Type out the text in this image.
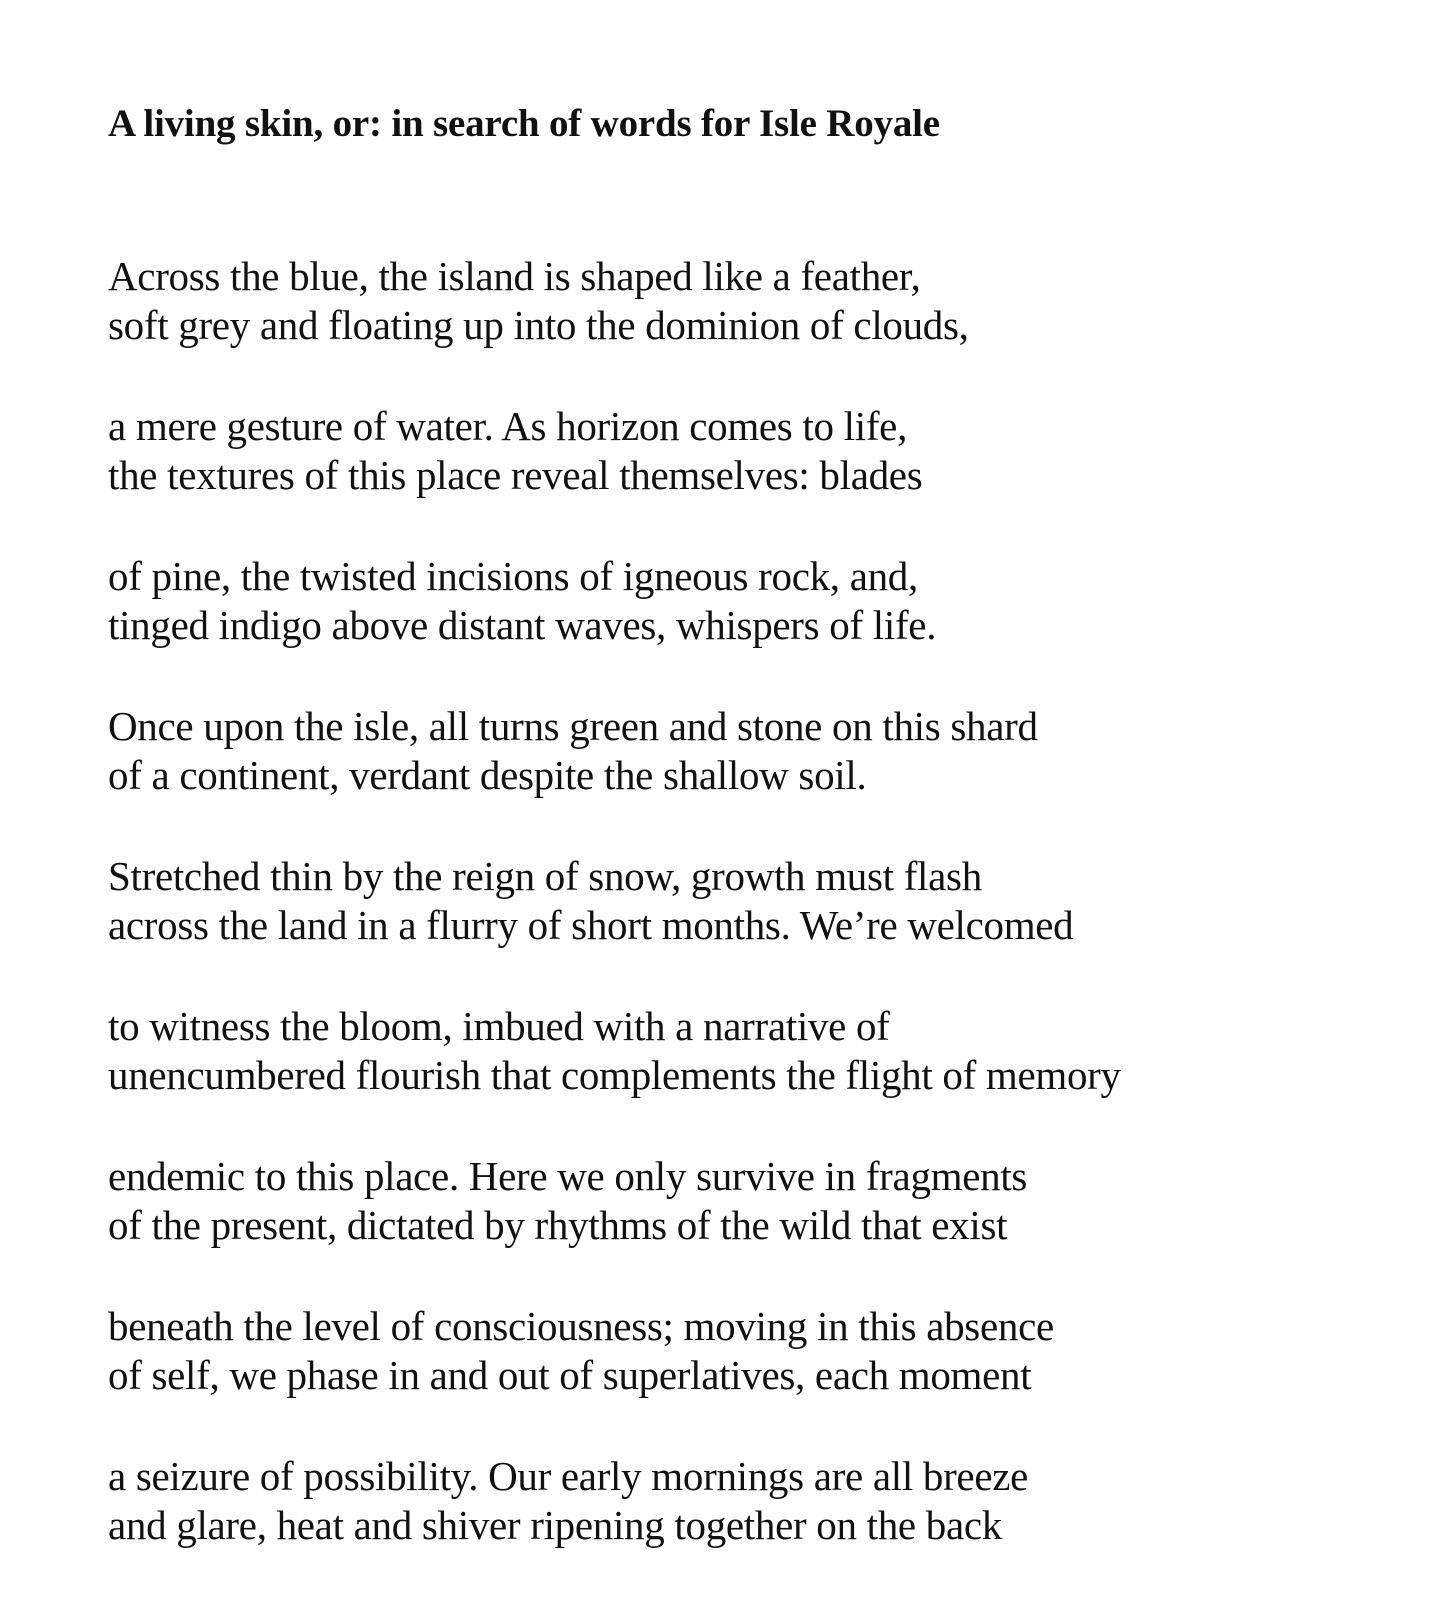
A living skin, or: in search of words for Isle Royale
Across the blue, the island is shaped like a feather,
soft grey and floating up into the dominion of clouds,
a mere gesture of water. As horizon comes to life,
the textures of this place reveal themselves: blades
of pine, the twisted incisions of igneous rock, and,
tinged indigo above distant waves, whispers of life.
Once upon the isle, all turns green and stone on this shard
of a continent, verdant despite the shallow soil.
Stretched thin by the reign of snow, growth must flash
across the land in a flurry of short months. We’re welcomed
to witness the bloom, imbued with a narrative of
unencumbered flourish that complements the flight of memory
endemic to this place. Here we only survive in fragments
of the present, dictated by rhythms of the wild that exist
beneath the level of consciousness; moving in this absence
of self, we phase in and out of superlatives, each moment
a seizure of possibility. Our early mornings are all breeze
and glare, heat and shiver ripening together on the back
